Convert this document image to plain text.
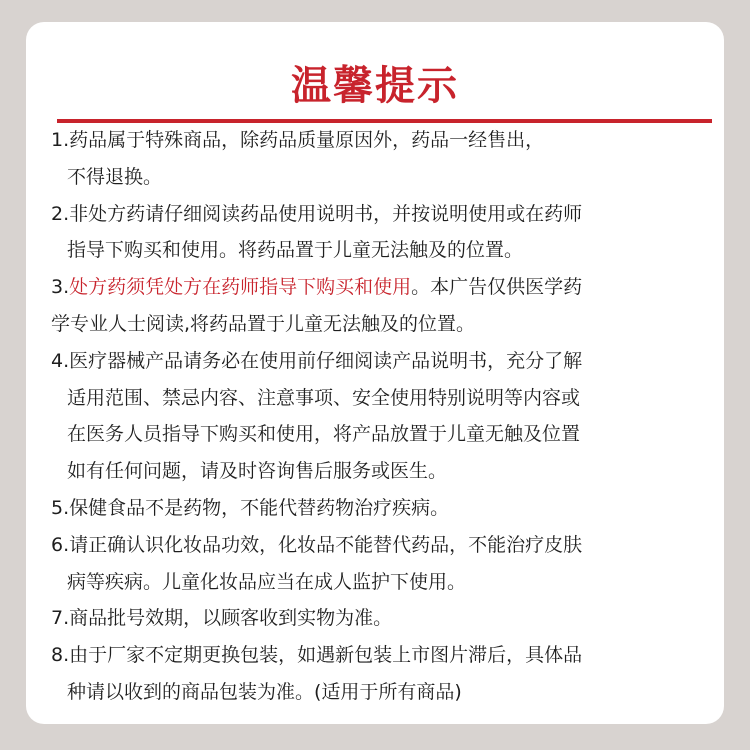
温馨提示
1.药品属于特殊商品，除药品质量原因外，药品一经售出，
不得退换。
2.非处方药请仔细阅读药品使用说明书，并按说明使用或在药师
指导下购买和使用。将药品置于儿童无法触及的位置。
3.处方药须凭处方在药师指导下购买和使用。本广告仅供医学药
学专业人士阅读,将药品置于儿童无法触及的位置。
4.医疗器械产品请务必在使用前仔细阅读产品说明书，充分了解
适用范围、禁忌内容、注意事项、安全使用特别说明等内容或
在医务人员指导下购买和使用，将产品放置于儿童无触及位置
如有任何问题，请及时咨询售后服务或医生。
5.保健食品不是药物，不能代替药物治疗疾病。
6.请正确认识化妆品功效，化妆品不能替代药品，不能治疗皮肤
病等疾病。儿童化妆品应当在成人监护下使用。
7.商品批号效期，以顾客收到实物为准。
8.由于厂家不定期更换包装，如遇新包装上市图片滞后，具体品
种请以收到的商品包装为准。(适用于所有商品)
